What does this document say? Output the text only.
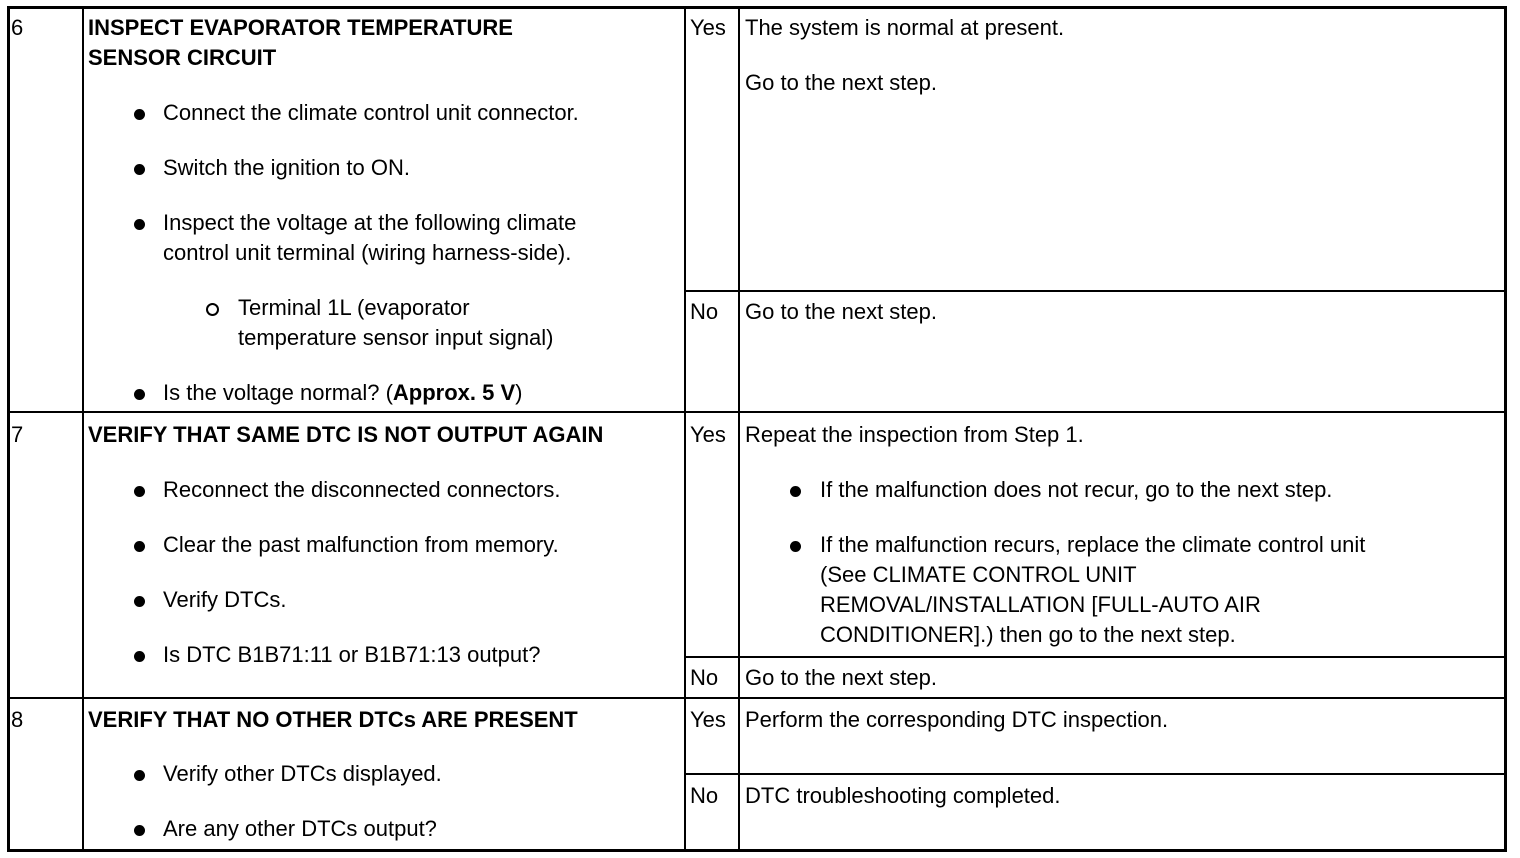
6	INSPECT EVAPORATOR TEMPERATURE
SENSOR CIRCUIT
Connect the climate control unit connector.
Switch the ignition to ON.
Inspect the voltage at the following climate
control unit terminal (wiring harness-side).
Terminal 1L (evaporator
temperature sensor input signal)
Is the voltage normal? (Approx. 5 V)
Yes The system is normal at present.
Go to the next step.
No Go to the next step.
7	VERIFY THAT SAME DTC IS NOT OUTPUT AGAIN
Reconnect the disconnected connectors.
Clear the past malfunction from memory.
Verify DTCs.
Is DTC B1B71:11 or B1B71:13 output?
Yes Repeat the inspection from Step 1.
If the malfunction does not recur, go to the next step.
If the malfunction recurs, replace the climate control unit
(See CLIMATE CONTROL UNIT
REMOVAL/INSTALLATION [FULL-AUTO AIR
CONDITIONER].) then go to the next step.
No Go to the next step.
8	VERIFY THAT NO OTHER DTCs ARE PRESENT
Verify other DTCs displayed.
Are any other DTCs output?
Yes Perform the corresponding DTC inspection.
No DTC troubleshooting completed.
